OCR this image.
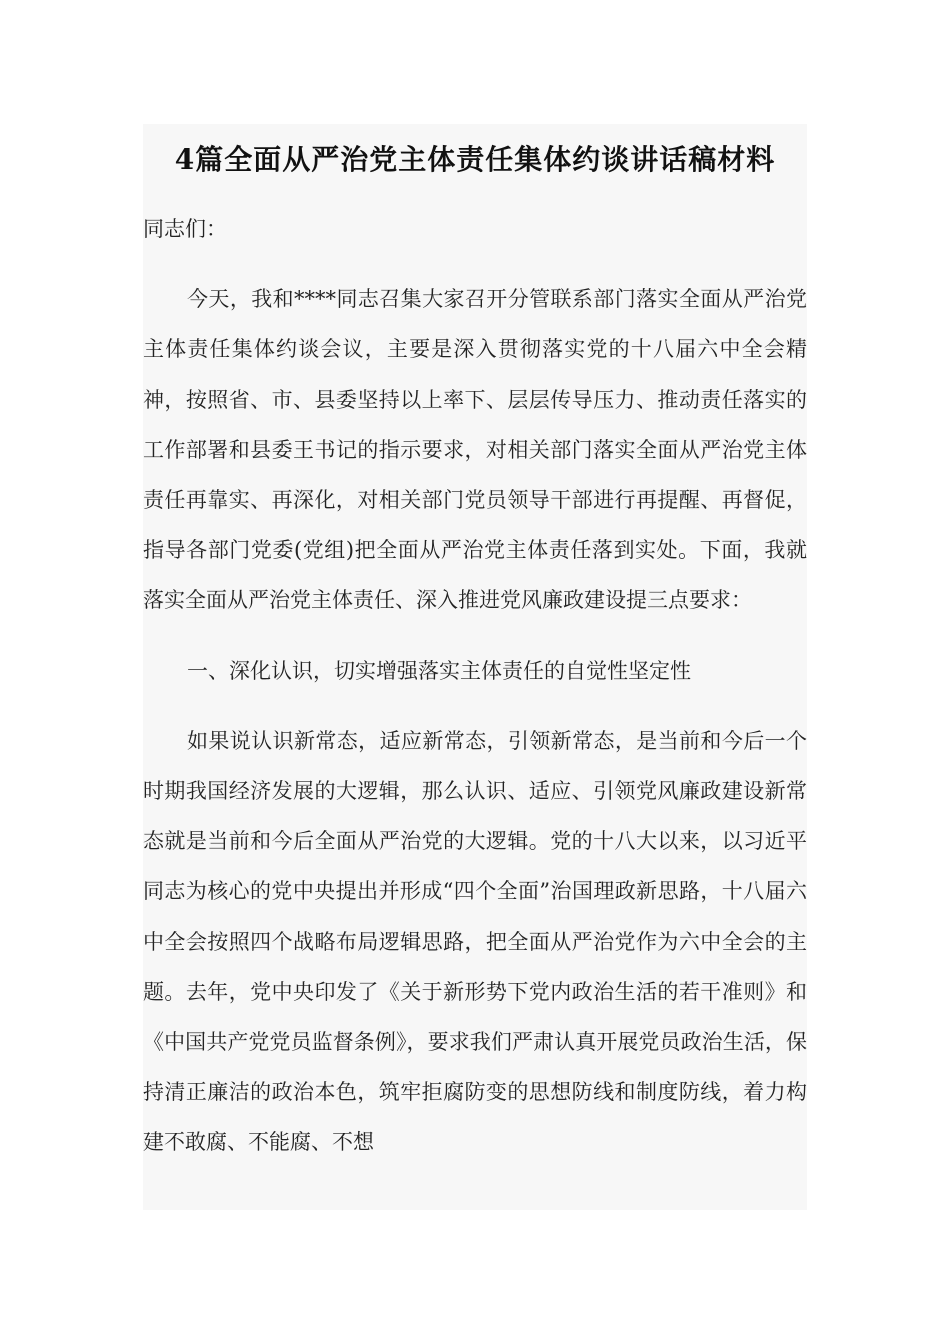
4篇全面从严治党主体责任集体约谈讲话稿材料

同志们：

今天，我和****同志召集大家召开分管联系部门落实全面从严治党主体责任集体约谈会议，主要是深入贯彻落实党的十八届六中全会精神，按照省、市、县委坚持以上率下、层层传导压力、推动责任落实的工作部署和县委王书记的指示要求，对相关部门落实全面从严治党主体责任再靠实、再深化，对相关部门党员领导干部进行再提醒、再督促，指导各部门党委(党组)把全面从严治党主体责任落到实处。下面，我就落实全面从严治党主体责任、深入推进党风廉政建设提三点要求：

一、深化认识，切实增强落实主体责任的自觉性坚定性

如果说认识新常态，适应新常态，引领新常态，是当前和今后一个时期我国经济发展的大逻辑，那么认识、适应、引领党风廉政建设新常态就是当前和今后全面从严治党的大逻辑。党的十八大以来，以习近平同志为核心的党中央提出并形成“四个全面”治国理政新思路，十八届六中全会按照四个战略布局逻辑思路，把全面从严治党作为六中全会的主题。去年，党中央印发了《关于新形势下党内政治生活的若干准则》和《中国共产党党员监督条例》，要求我们严肃认真开展党员政治生活，保持清正廉洁的政治本色，筑牢拒腐防变的思想防线和制度防线，着力构建不敢腐、不能腐、不想
